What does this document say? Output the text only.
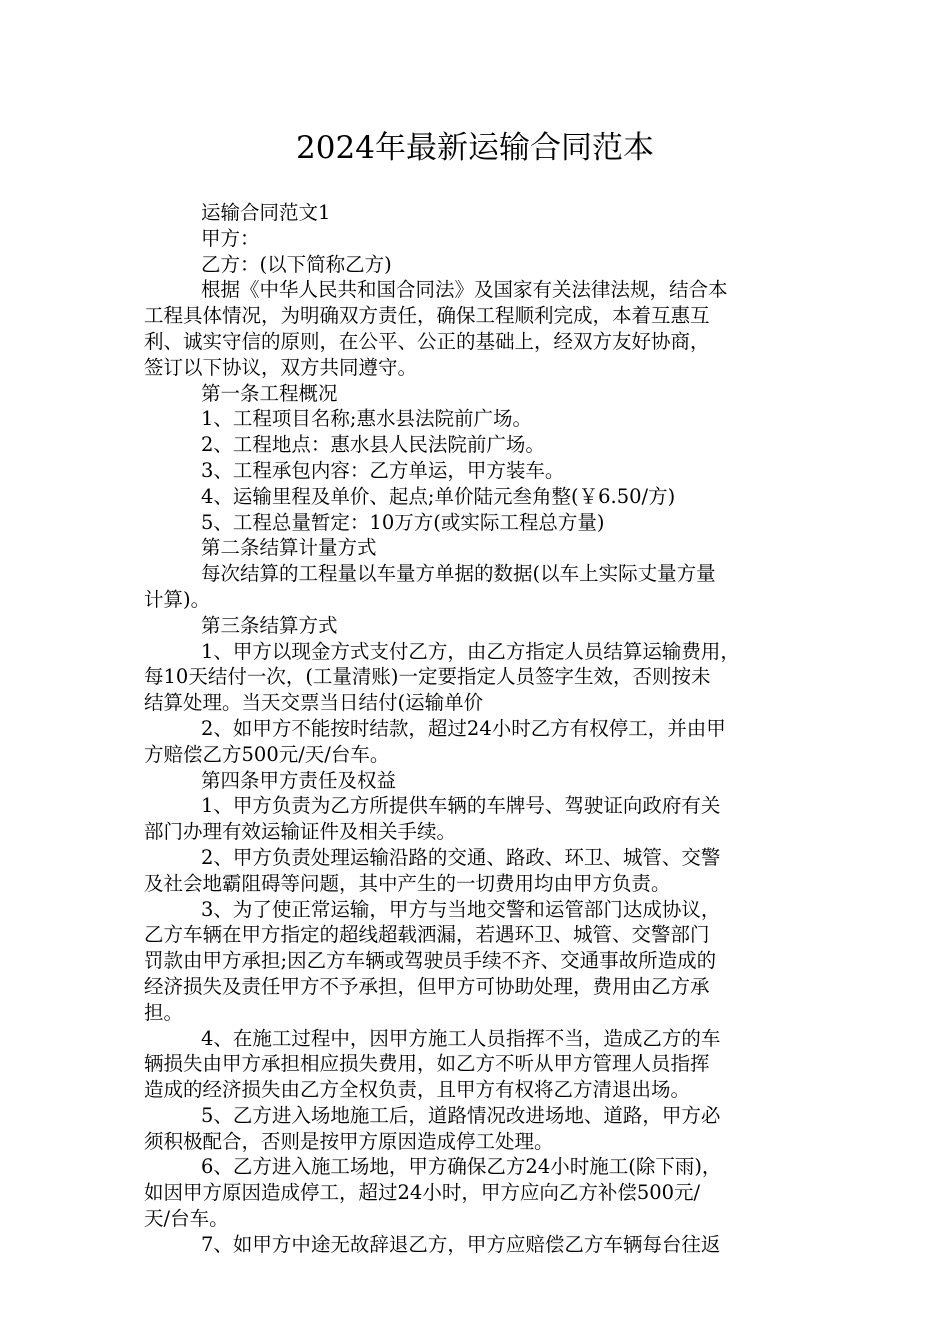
2024年最新运输合同范本
运输合同范文1
甲方：
乙方：(以下简称乙方)
根据《中华人民共和国合同法》及国家有关法律法规，结合本
工程具体情况，为明确双方责任，确保工程顺利完成，本着互惠互
利、诚实守信的原则，在公平、公正的基础上，经双方友好协商，
签订以下协议，双方共同遵守。
第一条工程概况
1、工程项目名称;惠水县法院前广场。
2、工程地点：惠水县人民法院前广场。
3、工程承包内容：乙方单运，甲方装车。
4、运输里程及单价、起点;单价陆元叁角整(￥6.50/方)
5、工程总量暂定：10万方(或实际工程总方量)
第二条结算计量方式
每次结算的工程量以车量方单据的数据(以车上实际丈量方量
计算)。
第三条结算方式
1、甲方以现金方式支付乙方，由乙方指定人员结算运输费用，
每10天结付一次，(工量清账)一定要指定人员签字生效，否则按未
结算处理。当天交票当日结付(运输单价
2、如甲方不能按时结款，超过24小时乙方有权停工，并由甲
方赔偿乙方500元/天/台车。
第四条甲方责任及权益
1、甲方负责为乙方所提供车辆的车牌号、驾驶证向政府有关
部门办理有效运输证件及相关手续。
2、甲方负责处理运输沿路的交通、路政、环卫、城管、交警
及社会地霸阻碍等问题，其中产生的一切费用均由甲方负责。
3、为了使正常运输，甲方与当地交警和运管部门达成协议，
乙方车辆在甲方指定的超线超载洒漏，若遇环卫、城管、交警部门
罚款由甲方承担;因乙方车辆或驾驶员手续不齐、交通事故所造成的
经济损失及责任甲方不予承担，但甲方可协助处理，费用由乙方承
担。
4、在施工过程中，因甲方施工人员指挥不当，造成乙方的车
辆损失由甲方承担相应损失费用，如乙方不听从甲方管理人员指挥
造成的经济损失由乙方全权负责，且甲方有权将乙方清退出场。
5、乙方进入场地施工后，道路情况改进场地、道路，甲方必
须积极配合，否则是按甲方原因造成停工处理。
6、乙方进入施工场地，甲方确保乙方24小时施工(除下雨)，
如因甲方原因造成停工，超过24小时，甲方应向乙方补偿500元/
天/台车。
7、如甲方中途无故辞退乙方，甲方应赔偿乙方车辆每台往返
